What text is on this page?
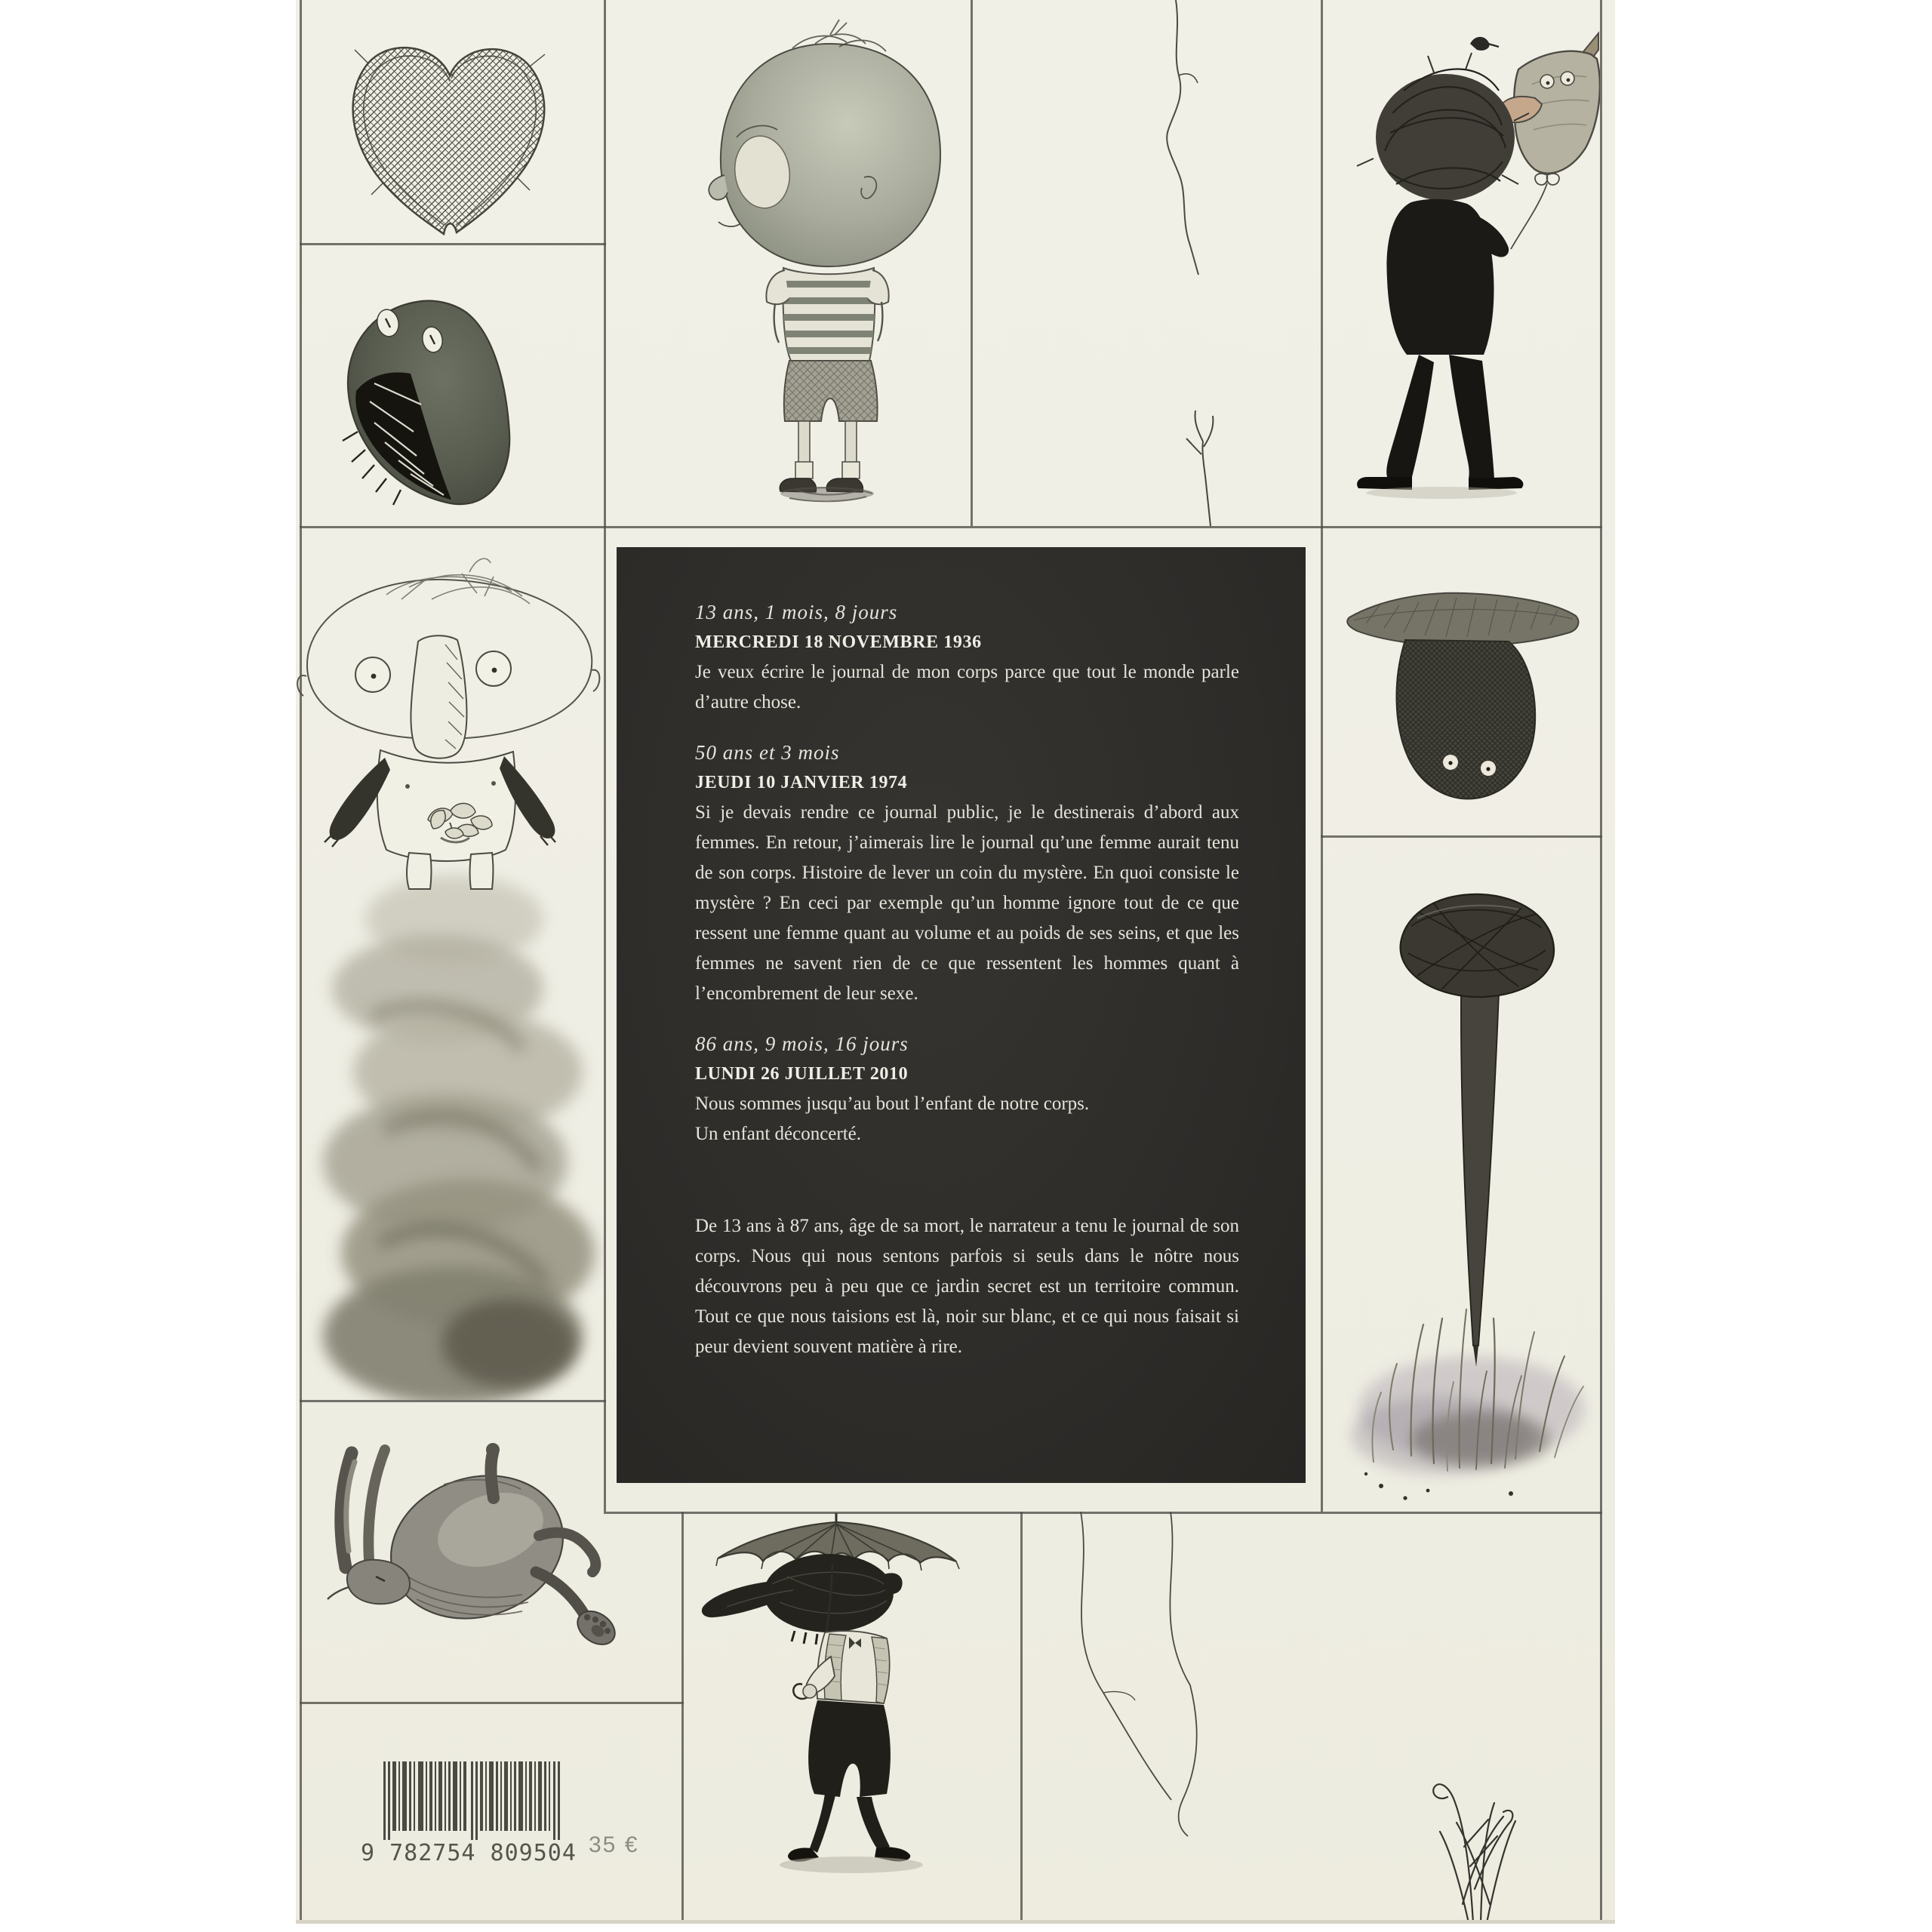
13 ans, 1 mois, 8 jours
MERCREDI 18 NOVEMBRE 1936

Je veux écrire le journal de mon corps parce que tout le monde parle d’autre chose.

50 ans et 3 mois
JEUDI 10 JANVIER 1974

Si je devais rendre ce journal public, je le destinerais d’abord aux femmes. En retour, j’aimerais lire le journal qu’une femme aurait tenu de son corps. Histoire de lever un coin du mystère. En quoi consiste le mystère ? En ceci par exemple qu’un homme ignore tout de ce que ressent une femme quant au volume et au poids de ses seins, et que les femmes ne savent rien de ce que ressentent les hommes quant à l’encombrement de leur sexe.

86 ans, 9 mois, 16 jours
LUNDI 26 JUILLET 2010
Nous sommes jusqu’au bout l’enfant de notre corps.
Un enfant déconcerté.

De 13 ans à 87 ans, âge de sa mort, le narrateur a tenu le journal de son corps. Nous qui nous sentons parfois si seuls dans le nôtre nous découvrons peu à peu que ce jardin secret est un territoire commun. Tout ce que nous taisions est là, noir sur blanc, et ce qui nous faisait si peur devient souvent matière à rire.

9 782754 809504 35 €
